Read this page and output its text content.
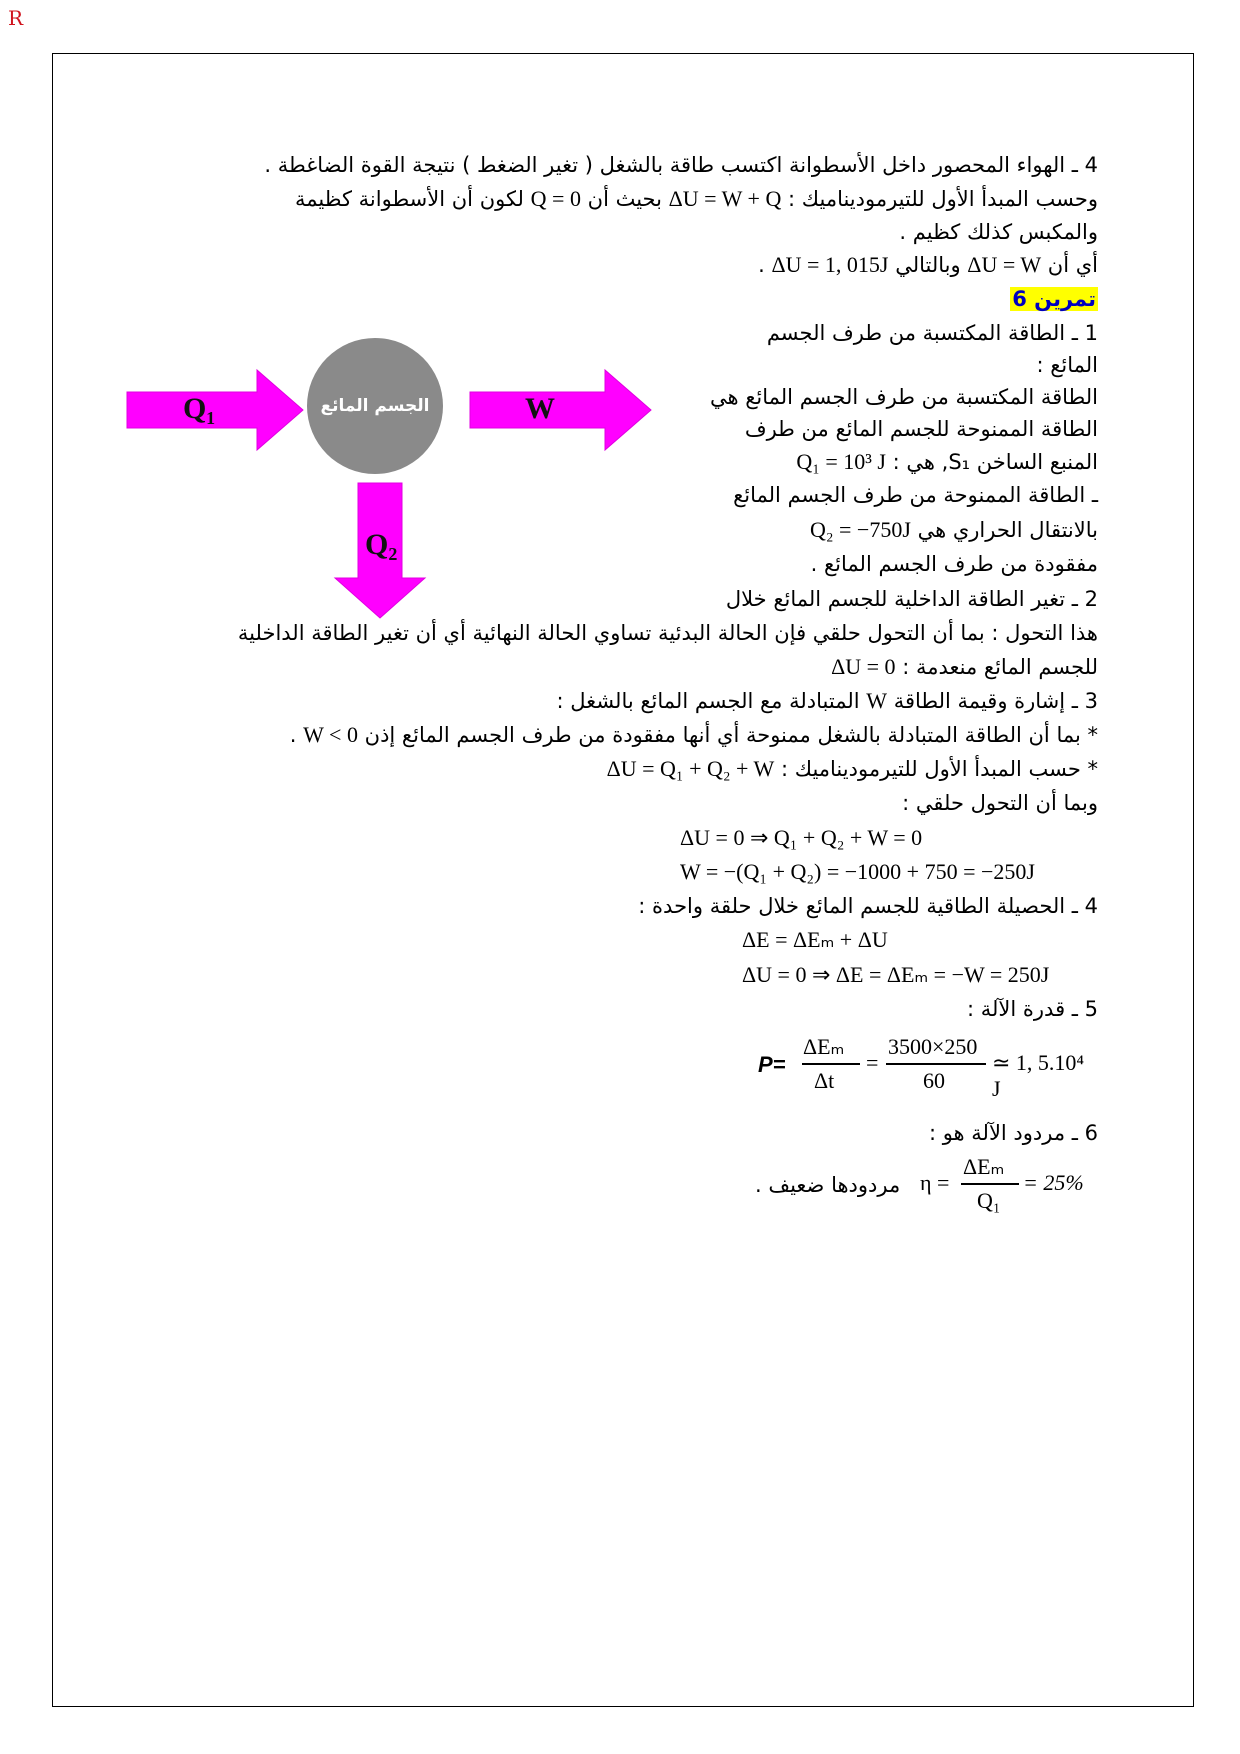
R
4 ـ الهواء المحصور داخل الأسطوانة اكتسب طاقة بالشغل ( تغير الضغط ) نتيجة القوة الضاغطة .
وحسب المبدأ الأول للتيرموديناميك : ΔU = W + Q بحيث أن Q = 0 لكون أن الأسطوانة كظيمة
والمكبس كذلك كظيم .
أي أن ΔU = W وبالتالي ΔU = 1, 015J .
تمرين 6
1 ـ الطاقة المكتسبة من طرف الجسم
المائع :
الطاقة المكتسبة من طرف الجسم المائع هي
الطاقة الممنوحة للجسم المائع من طرف
المنبع الساخن S₁, هي : Q₁ = 10³ J
ـ الطاقة الممنوحة من طرف الجسم المائع
بالانتقال الحراري هي Q₂ = −750J
مفقودة من طرف الجسم المائع .
الجسم المائع
Q₁	W
Q₂
2 ـ تغير الطاقة الداخلية للجسم المائع خلال
هذا التحول : بما أن التحول حلقي فإن الحالة البدئية تساوي الحالة النهائية أي أن تغير الطاقة الداخلية
للجسم المائع منعدمة : ΔU = 0
3 ـ إشارة وقيمة الطاقة W المتبادلة مع الجسم المائع بالشغل :
* بما أن الطاقة المتبادلة بالشغل ممنوحة أي أنها مفقودة من طرف الجسم المائع إذن W < 0 .
* حسب المبدأ الأول للتيرموديناميك : ΔU = Q₁ + Q₂ + W
وبما أن التحول حلقي :
ΔU = 0 ⇒ Q₁ + Q₂ + W = 0
W = −(Q₁ + Q₂) = −1000 + 750 = −250J
4 ـ الحصيلة الطاقية للجسم المائع خلال حلقة واحدة :
ΔE = ΔEₘ + ΔU
ΔU = 0 ⇒ ΔE = ΔEₘ = −W = 250J
5 ـ قدرة الآلة :
P=
ΔEₘ
Δt
=
3500×250
60
≃ 1, 5.10⁴ J
6 ـ مردود الآلة هو :
مردودها ضعيف . η =
ΔEₘ
Q₁
= 25%
